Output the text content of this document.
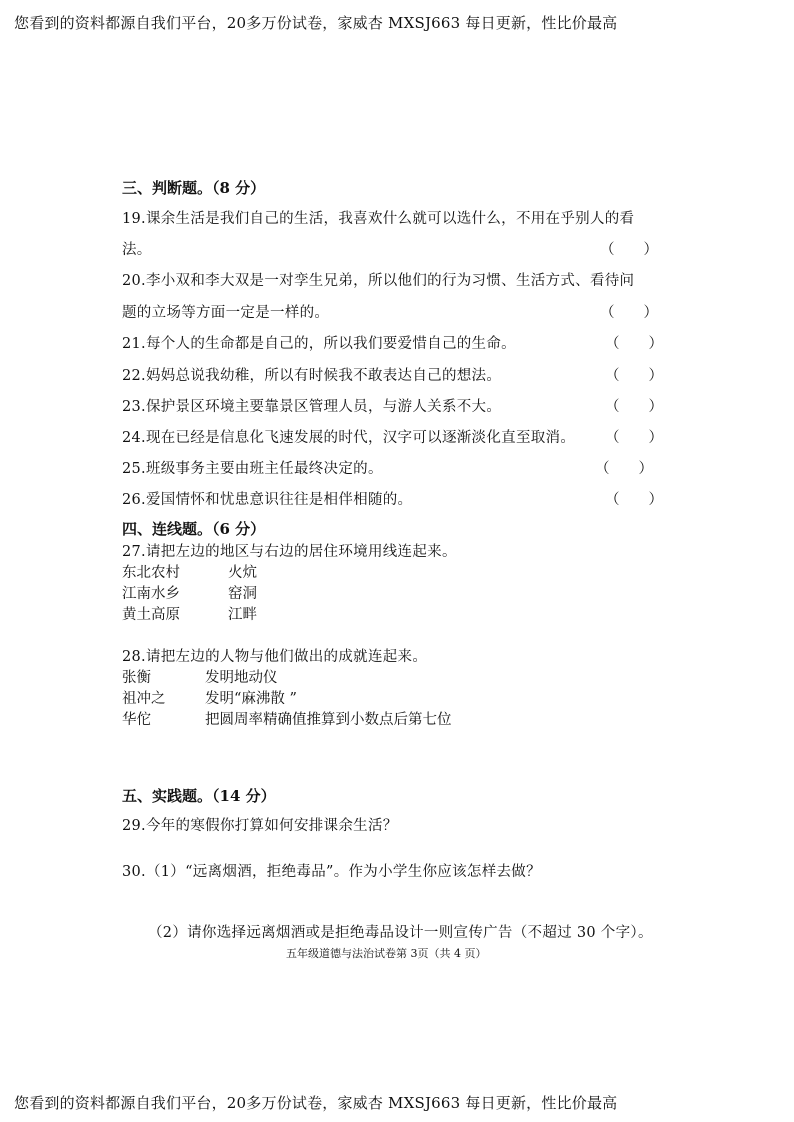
您看到的资料都源自我们平台，20多万份试卷，家威杏 MXSJ663 每日更新，性比价最高
三、判断题。（8 分）
19.课余生活是我们自己的生活，我喜欢什么就可以选什么，不用在乎别人的看
法。	（　　）
20.李小双和李大双是一对孪生兄弟，所以他们的行为习惯、生活方式、看待问
题的立场等方面一定是一样的。	（　　）
21.每个人的生命都是自己的，所以我们要爱惜自己的生命。	（　　）
22.妈妈总说我幼稚，所以有时候我不敢表达自己的想法。	（　　）
23.保护景区环境主要靠景区管理人员，与游人关系不大。	（　　）
24.现在已经是信息化飞速发展的时代，汉字可以逐渐淡化直至取消。 （　　）
25.班级事务主要由班主任最终决定的。	（　　）
26.爱国情怀和忧患意识往往是相伴相随的。	（　　）
四、连线题。（6 分）
27.请把左边的地区与右边的居住环境用线连起来。
东北农村	火炕
江南水乡	窑洞
黄土高原	江畔
28.请把左边的人物与他们做出的成就连起来。
张衡	发明地动仪
祖冲之	发明“麻沸散 ”
华佗	把圆周率精确值推算到小数点后第七位
五、实践题。（14 分）
29.今年的寒假你打算如何安排课余生活？
30.（1）“远离烟酒，拒绝毒品”。作为小学生你应该怎样去做？
（2）请你选择远离烟酒或是拒绝毒品设计一则宣传广告（不超过 30 个字）。
五年级道德与法治试卷第 3页（共 4 页）
您看到的资料都源自我们平台，20多万份试卷，家威杏 MXSJ663 每日更新，性比价最高
